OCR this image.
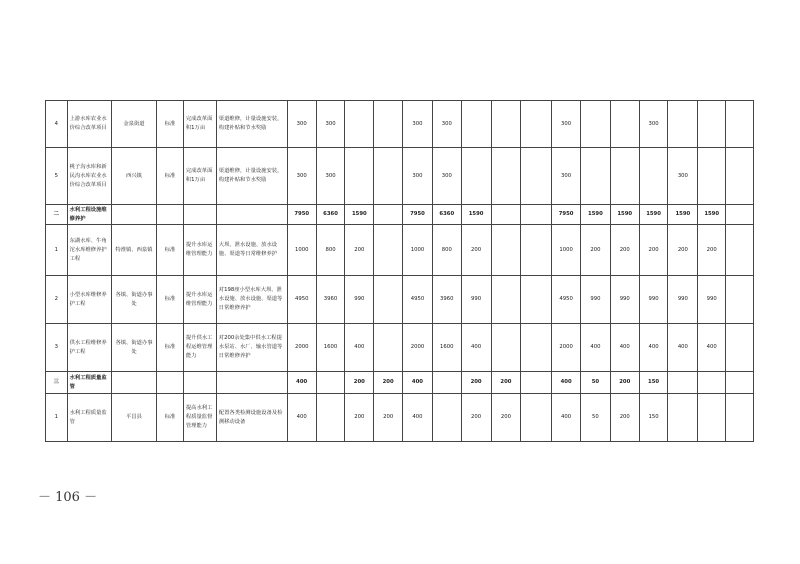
4	上游水库农业水价综合改革项目	金泉街道	标准	完成改革面积1万亩	渠道维修，计量设施安装，构建补贴和节水奖励	300	300			300	300				300			300			
5	桃子沟水库和新民沟水库农业水价综合改革项目	西兴镇	标准	完成改革面积1万亩	渠道维修，计量设施安装，构建补贴和节水奖励	300	300			300	300				300				300		
二	水利工程设施维修养护					7950	6360	1590		7950	6360	1590			7950	1590	1590	1590	1590	1590	
1	东湖水库、牛角沱水库维修养护工程	特淮镇、西泉镇	标准	提升水库运维管理能力	大坝、泄水设施、放水设施、渠道等日常维修养护	1000	800	200		1000	800	200			1000	200	200	200	200	200	
2	小型水库维修养护工程	各镇、街道办事处	标准	提升水库运维管理能力	对198座小型水库大坝、泄水设施、放水设施、渠道等日常维修养护	4950	3960	990		4950	3960	990			4950	990	990	990	990	990	
3	供水工程维修养护工程	各镇、街道办事处	标准	提升供水工程运维管理能力	对200余处集中供水工程提水泵站、水厂、输水管道等日常维修养护	2000	1600	400		2000	1600	400			2000	400	400	400	400	400	
三	水利工程质量监管					400		200	200	400		200	200		400	50	200	150			
1	水利工程质量监管	平昌县	标准	提高水利工程质量监督管理能力	配置各类检测设施设备及检测移动设备	400		200	200	400		200	200		400	50	200	150			
－ 106 －
